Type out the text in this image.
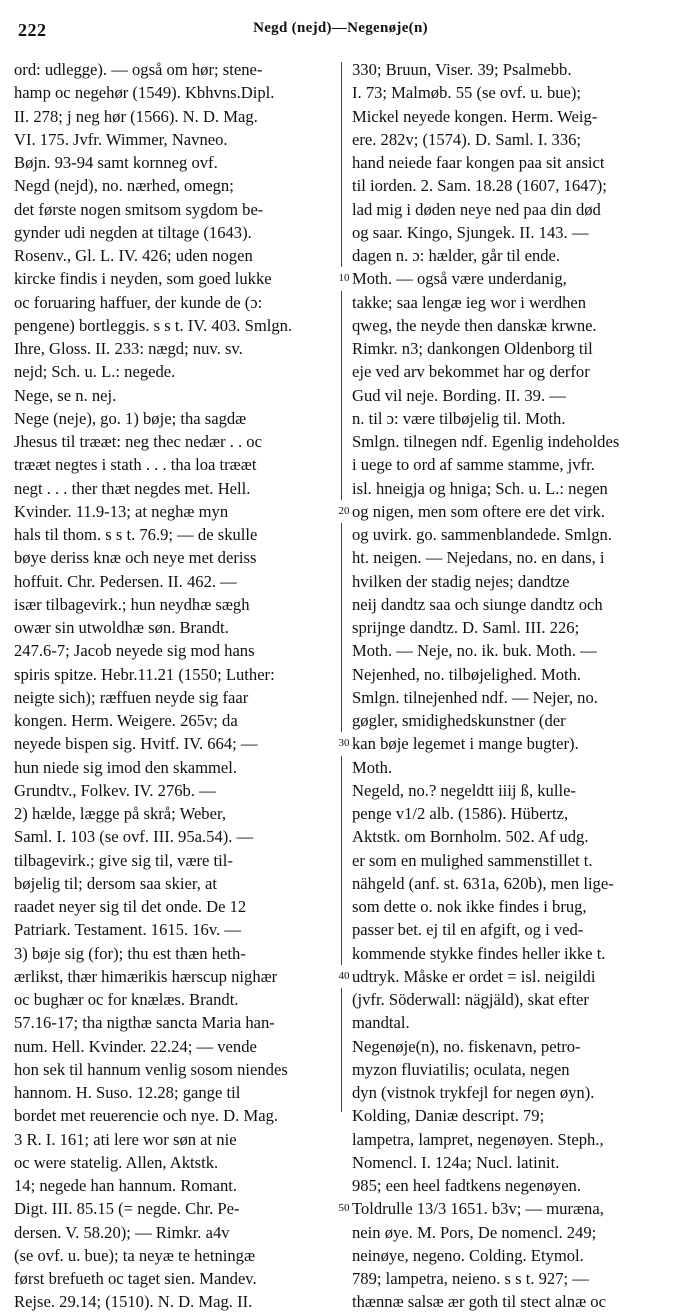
222	Negd (nejd)—Negenøje(n)
ord: udlegge). — også om hør; stene-
hamp oc negehør (1549). Kbhvns.Dipl.
II. 278; j neg hør (1566). N. D. Mag.
VI. 175. Jvfr. Wimmer, Navneo.
Bøjn. 93-94 samt kornneg ovf.
Negd (nejd), no. nærhed, omegn;
det første nogen smitsom sygdom be-
gynder udi negden at tiltage (1643).
Rosenv., Gl. L. IV. 426; uden nogen
kircke findis i neyden, som goed lukke
oc foruaring haffuer, der kunde de (ɔ:
pengene) bortleggis. s s t. IV. 403. Smlgn.
Ihre, Gloss. II. 233: nægd; nuv. sv.
nejd; Sch. u. L.: negede.
Nege, se n. nej.
Nege (neje), go. 1) bøje; tha sagdæ
Jhesus til trææt: neg thec nedær . . oc
trææt negtes i stath . . . tha loa trææt
negt . . . ther thæt negdes met. Hell.
Kvinder. 11.9-13; at neghæ myn
hals til thom. s s t. 76.9; — de skulle
bøye deriss knæ och neye met deriss
hoffuit. Chr. Pedersen. II. 462. —
især tilbagevirk.; hun neydhæ sægh
owær sin utwoldhæ søn. Brandt.
247.6-7; Jacob neyede sig mod hans
spiris spitze. Hebr.11.21 (1550; Luther:
neigte sich); ræffuen neyde sig faar
kongen. Herm. Weigere. 265v; da
neyede bispen sig. Hvitf. IV. 664; —
hun niede sig imod den skammel.
Grundtv., Folkev. IV. 276b. —
2) hælde, lægge på skrå; Weber,
Saml. I. 103 (se ovf. III. 95a.54). —
tilbagevirk.; give sig til, være til-
bøjelig til; dersom saa skier, at
raadet neyer sig til det onde. De 12
Patriark. Testament. 1615. 16v. —
3) bøje sig (for); thu est thæn heth-
ærlikst, thær himærikis hærscup nighær
oc bughær oc for knælæs. Brandt.
57.16-17; tha nigthæ sancta Maria han-
num. Hell. Kvinder. 22.24; — vende
hon sek til hannum venlig sosom niendes
hannom. H. Suso. 12.28; gange til
bordet met reuerencie och nye. D. Mag.
3 R. I. 161; ati lere wor søn at nie
oc were statelig. Allen, Aktstk.
14; negede han hannum. Romant.
Digt. III. 85.15 (= negde. Chr. Pe-
dersen. V. 58.20); — Rimkr. a4v
(se ovf. u. bue); ta neyæ te hetningæ
først brefueth oc taget sien. Mandev.
Rejse. 29.14; (1510). N. D. Mag. II.
10
20
30
40
50
330; Bruun, Viser. 39; Psalmebb.
I. 73; Malmøb. 55 (se ovf. u. bue);
Mickel neyede kongen. Herm. Weig-
ere. 282v; (1574). D. Saml. I. 336;
hand neiede faar kongen paa sit ansict
til iorden. 2. Sam. 18.28 (1607, 1647);
lad mig i døden neye ned paa din død
og saar. Kingo, Sjungek. II. 143. —
dagen n. ɔ: hælder, går til ende.
Moth. — også være underdanig,
takke; saa lengæ ieg wor i werdhen
qweg, the neyde then danskæ krwne.
Rimkr. n3; dankongen Oldenborg til
eje ved arv bekommet har og derfor
Gud vil neje. Bording. II. 39. —
n. til ɔ: være tilbøjelig til. Moth.
Smlgn. tilnegen ndf. Egenlig indeholdes
i uege to ord af samme stamme, jvfr.
isl. hneigja og hniga; Sch. u. L.: negen
og nigen, men som oftere ere det virk.
og uvirk. go. sammenblandede. Smlgn.
ht. neigen. — Nejedans, no. en dans, i
hvilken der stadig nejes; dandtze
neij dandtz saa och siunge dandtz och
sprijnge dandtz. D. Saml. III. 226;
Moth. — Neje, no. ik. buk. Moth. —
Nejenhed, no. tilbøjelighed. Moth.
Smlgn. tilnejenhed ndf. — Nejer, no.
gøgler, smidighedskunstner (der
kan bøje legemet i mange bugter).
Moth.
Negeld, no.? negeldtt iiij ß, kulle-
penge v1/2 alb. (1586). Hübertz,
Aktstk. om Bornholm. 502. Af udg.
er som en mulighed sammenstillet t.
nähgeld (anf. st. 631a, 620b), men lige-
som dette o. nok ikke findes i brug,
passer bet. ej til en afgift, og i ved-
kommende stykke findes heller ikke t.
udtryk. Måske er ordet = isl. neigildi
(jvfr. Söderwall: nägjäld), skat efter
mandtal.
Negenøje(n), no. fiskenavn, petro-
myzon fluviatilis; oculata, negen
dyn (vistnok trykfejl for negen øyn).
Kolding, Daniæ descript. 79;
lampetra, lampret, negenøyen. Steph.,
Nomencl. I. 124a; Nucl. latinit.
985; een heel fadtkens negenøyen.
Toldrulle 13/3 1651. b3v; — muræna,
nein øye. M. Pors, De nomencl. 249;
neinøye, negeno. Colding. Etymol.
789; lampetra, neieno. s s t. 927; —
thænnæ salsæ ær goth til stect alnæ oc
